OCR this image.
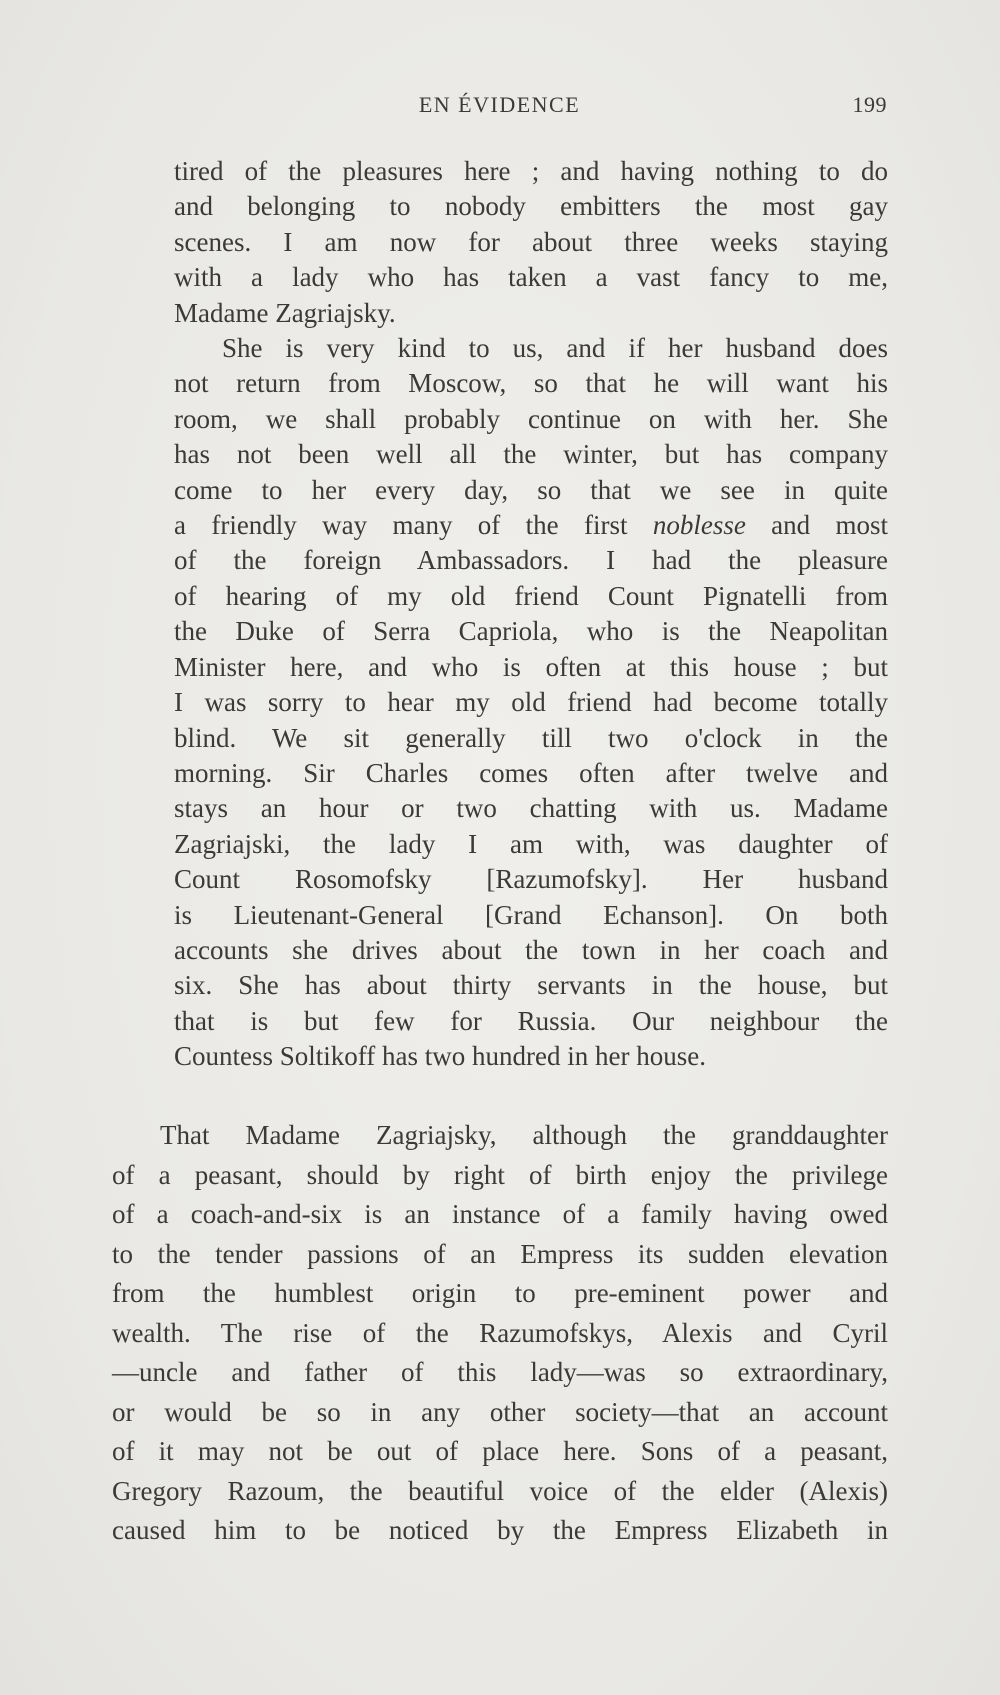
EN ÉVIDENCE	199

tired of the pleasures here ; and having nothing to do
and belonging to nobody embitters the most gay
scenes. I am now for about three weeks staying
with a lady who has taken a vast fancy to me,
Madame Zagriajsky.

She is very kind to us, and if her husband does
not return from Moscow, so that he will want his
room, we shall probably continue on with her. She
has not been well all the winter, but has company
come to her every day, so that we see in quite
a friendly way many of the first noblesse and most
of the foreign Ambassadors. I had the pleasure
of hearing of my old friend Count Pignatelli from
the Duke of Serra Capriola, who is the Neapolitan
Minister here, and who is often at this house ; but
I was sorry to hear my old friend had become totally
blind. We sit generally till two o'clock in the
morning. Sir Charles comes often after twelve and
stays an hour or two chatting with us. Madame
Zagriajski, the lady I am with, was daughter of
Count Rosomofsky [Razumofsky]. Her husband
is Lieutenant-General [Grand Echanson]. On both
accounts she drives about the town in her coach and
six. She has about thirty servants in the house, but
that is but few for Russia. Our neighbour the
Countess Soltikoff has two hundred in her house.

That Madame Zagriajsky, although the granddaughter
of a peasant, should by right of birth enjoy the privilege
of a coach-and-six is an instance of a family having owed
to the tender passions of an Empress its sudden elevation
from the humblest origin to pre-eminent power and
wealth. The rise of the Razumofskys, Alexis and Cyril
—uncle and father of this lady—was so extraordinary,
or would be so in any other society—that an account
of it may not be out of place here. Sons of a peasant,
Gregory Razoum, the beautiful voice of the elder (Alexis)
caused him to be noticed by the Empress Elizabeth in
